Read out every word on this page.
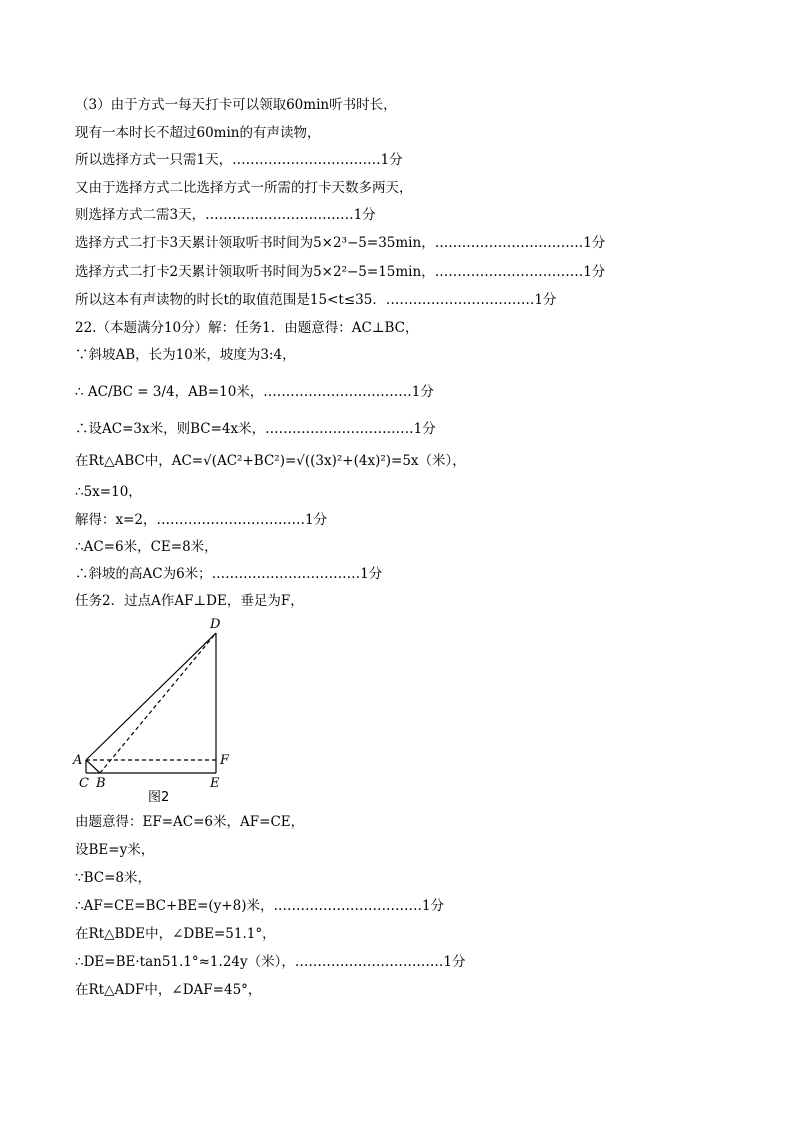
（3）由于方式一每天打卡可以领取60min听书时长，
现有一本时长不超过60min的有声读物，
所以选择方式一只需1天，……………………………1分
又由于选择方式二比选择方式一所需的打卡天数多两天，
则选择方式二需3天，……………………………1分
选择方式二打卡3天累计领取听书时间为5×2³−5=35min，……………………………1分
选择方式二打卡2天累计领取听书时间为5×2²−5=15min，……………………………1分
所以这本有声读物的时长t的取值范围是15<t≤35．……………………………1分
22.（本题满分10分）解：任务1．由题意得：AC⊥BC，
∵斜坡AB，长为10米，坡度为3:4，
∴ AC/BC = 3/4，AB=10米，……………………………1分
∴设AC=3x米，则BC=4x米，……………………………1分
在Rt△ABC中，AC=√(AC²+BC²)=√((3x)²+(4x)²)=5x（米），
∴5x=10，
解得：x=2，……………………………1分
∴AC=6米，CE=8米，
∴斜坡的高AC为6米；……………………………1分
任务2．过点A作AF⊥DE，垂足为F，
D
A	F
C B	E
图2
由题意得：EF=AC=6米，AF=CE，
设BE=y米，
∵BC=8米，
∴AF=CE=BC+BE=(y+8)米，……………………………1分
在Rt△BDE中，∠DBE=51.1°，
∴DE=BE·tan51.1°≈1.24y（米），……………………………1分
在Rt△ADF中，∠DAF=45°，
